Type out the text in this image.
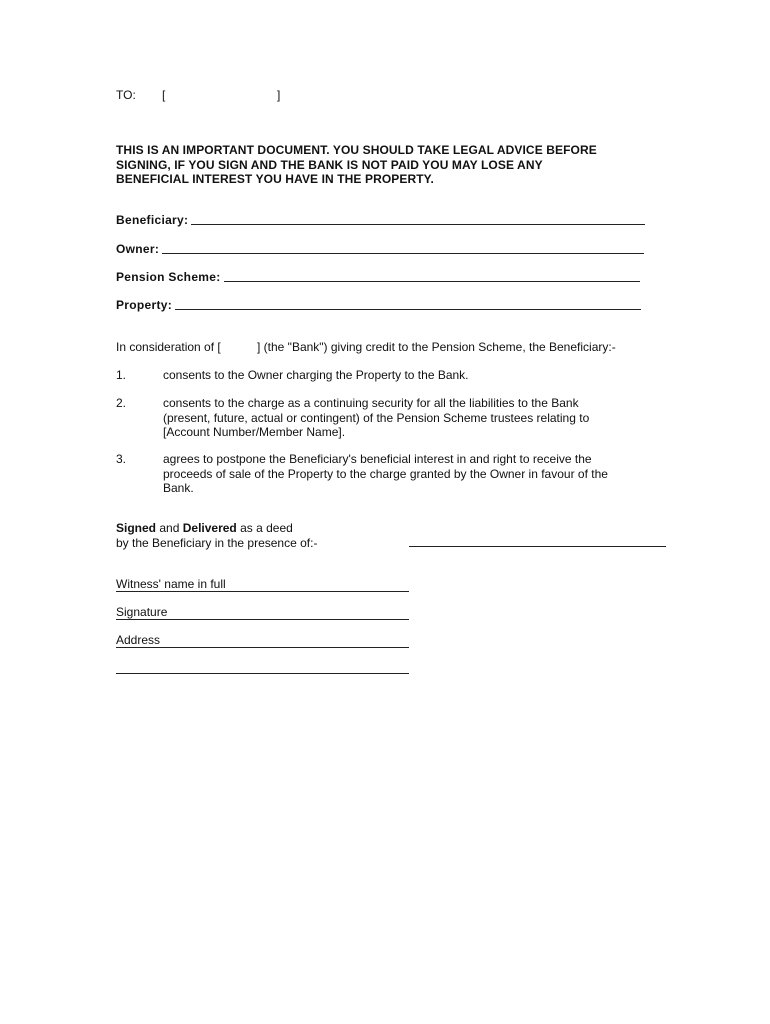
TO: [	]
THIS IS AN IMPORTANT DOCUMENT. YOU SHOULD TAKE LEGAL ADVICE BEFORE
SIGNING, IF YOU SIGN AND THE BANK IS NOT PAID YOU MAY LOSE ANY
BENEFICIAL INTEREST YOU HAVE IN THE PROPERTY.
Beneficiary:
Owner:
Pension Scheme:
Property:
In consideration of [	] (the "Bank") giving credit to the Pension Scheme, the Beneficiary:-
1.	consents to the Owner charging the Property to the Bank.
2.	consents to the charge as a continuing security for all the liabilities to the Bank
(present, future, actual or contingent) of the Pension Scheme trustees relating to
[Account Number/Member Name].
3.	agrees to postpone the Beneficiary's beneficial interest in and right to receive the
proceeds of sale of the Property to the charge granted by the Owner in favour of the
Bank.
Signed and Delivered as a deed
by the Beneficiary in the presence of:-
Witness' name in full
Signature
Address
